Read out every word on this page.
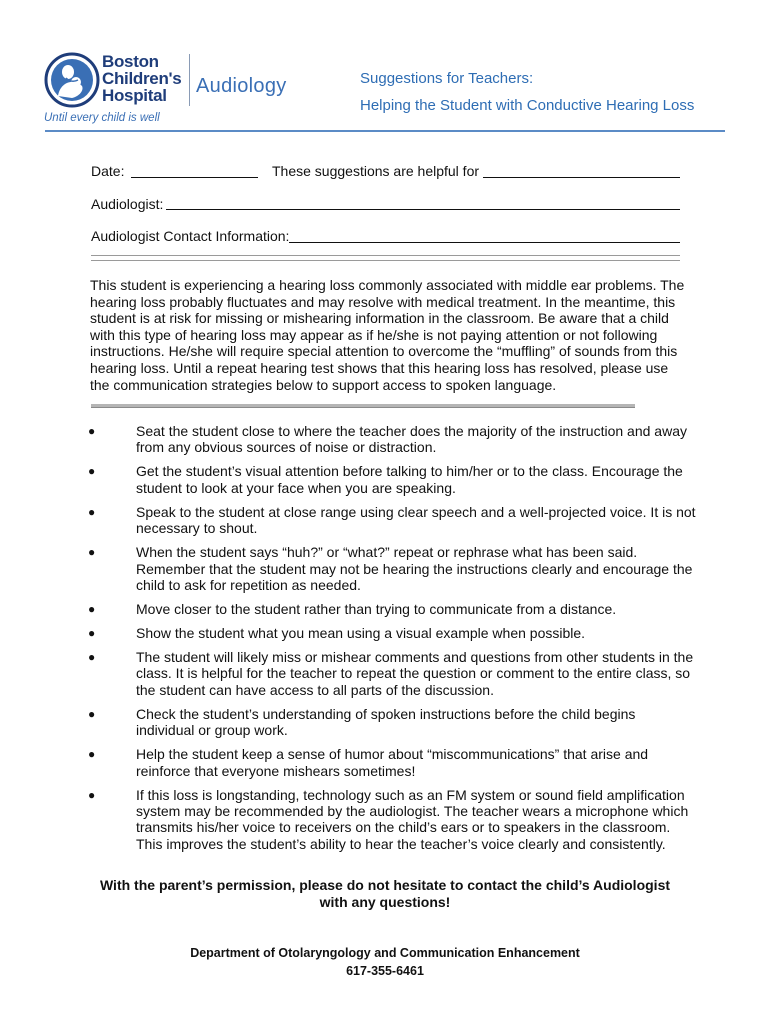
Boston
Children's
Hospital Audiology
Until every child is well
Suggestions for Teachers:
Helping the Student with Conductive Hearing Loss
Date:	These suggestions are helpful for
Audiologist:
Audiologist Contact Information:
This student is experiencing a hearing loss commonly associated with middle ear problems. The hearing loss probably fluctuates and may resolve with medical treatment. In the meantime, this student is at risk for missing or mishearing information in the classroom. Be aware that a child with this type of hearing loss may appear as if he/she is not paying attention or not following instructions. He/she will require special attention to overcome the “muffling” of sounds from this hearing loss. Until a repeat hearing test shows that this hearing loss has resolved, please use the communication strategies below to support access to spoken language.
●	Seat the student close to where the teacher does the majority of the instruction and away from any obvious sources of noise or distraction.
●	Get the student’s visual attention before talking to him/her or to the class. Encourage the student to look at your face when you are speaking.
●	Speak to the student at close range using clear speech and a well-projected voice. It is not necessary to shout.
●	When the student says “huh?” or “what?” repeat or rephrase what has been said. Remember that the student may not be hearing the instructions clearly and encourage the child to ask for repetition as needed.
●	Move closer to the student rather than trying to communicate from a distance.
●	Show the student what you mean using a visual example when possible.
●	The student will likely miss or mishear comments and questions from other students in the class. It is helpful for the teacher to repeat the question or comment to the entire class, so the student can have access to all parts of the discussion.
●	Check the student’s understanding of spoken instructions before the child begins individual or group work.
●	Help the student keep a sense of humor about “miscommunications” that arise and reinforce that everyone mishears sometimes!
●	If this loss is longstanding, technology such as an FM system or sound field amplification system may be recommended by the audiologist. The teacher wears a microphone which transmits his/her voice to receivers on the child’s ears or to speakers in the classroom. This improves the student’s ability to hear the teacher’s voice clearly and consistently.
With the parent’s permission, please do not hesitate to contact the child’s Audiologist with any questions!
Department of Otolaryngology and Communication Enhancement
617-355-6461
